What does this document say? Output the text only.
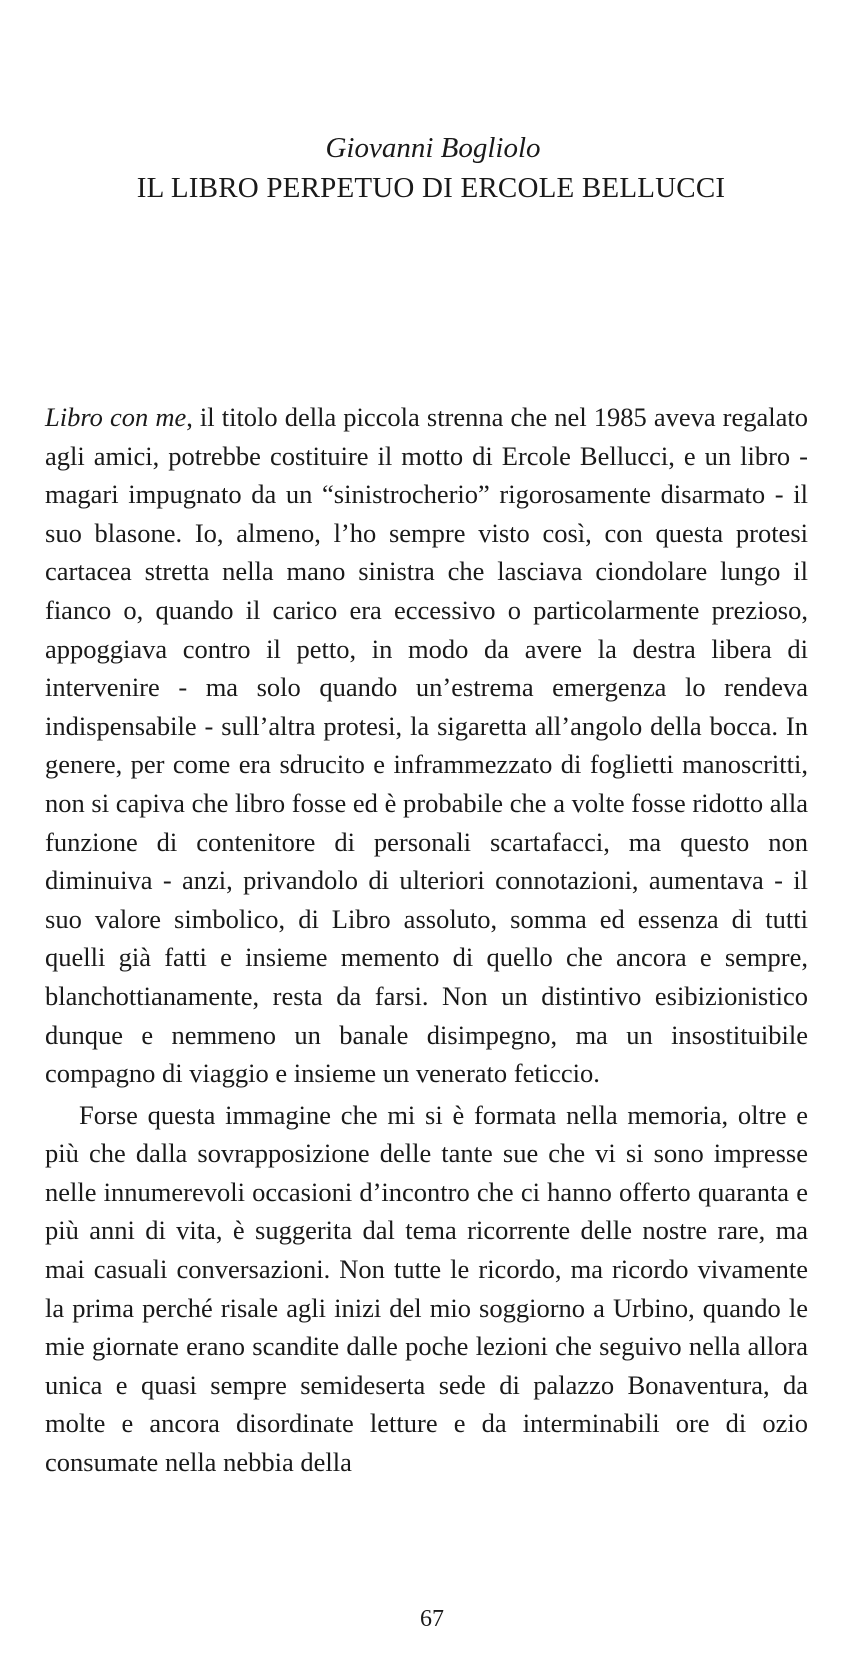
Giovanni Bogliolo
IL LIBRO PERPETUO DI ERCOLE BELLUCCI

Libro con me, il titolo della piccola strenna che nel 1985 aveva regalato agli amici, potrebbe costituire il motto di Ercole Bellucci, e un libro - magari impugnato da un “sinistrocherio” rigorosamente disarmato - il suo blasone. Io, almeno, l’ho sempre visto così, con questa protesi cartacea stretta nella mano sinistra che lasciava ciondolare lungo il fianco o, quando il carico era eccessivo o particolarmente prezioso, appoggiava contro il petto, in modo da avere la destra libera di intervenire - ma solo quando un’estrema emergenza lo rendeva indispensabile - sull’altra protesi, la sigaretta all’angolo della bocca. In genere, per come era sdrucito e inframmezzato di foglietti manoscritti, non si capiva che libro fosse ed è probabile che a volte fosse ridotto alla funzione di contenitore di personali scartafacci, ma questo non diminuiva - anzi, privandolo di ulteriori connotazioni, aumentava - il suo valore simbolico, di Libro assoluto, somma ed essenza di tutti quelli già fatti e insieme memento di quello che ancora e sempre, blanchottianamente, resta da farsi. Non un distintivo esibizionistico dunque e nemmeno un banale disimpegno, ma un insostituibile compagno di viaggio e insieme un venerato feticcio.

Forse questa immagine che mi si è formata nella memoria, oltre e più che dalla sovrapposizione delle tante sue che vi si sono impresse nelle innumerevoli occasioni d’incontro che ci hanno offerto quaranta e più anni di vita, è suggerita dal tema ricorrente delle nostre rare, ma mai casuali conversazioni. Non tutte le ricordo, ma ricordo vivamente la prima perché risale agli inizi del mio soggiorno a Urbino, quando le mie giornate erano scandite dalle poche lezioni che seguivo nella allora unica e quasi sempre semideserta sede di palazzo Bonaventura, da molte e ancora disordinate letture e da interminabili ore di ozio consumate nella nebbia della

67
